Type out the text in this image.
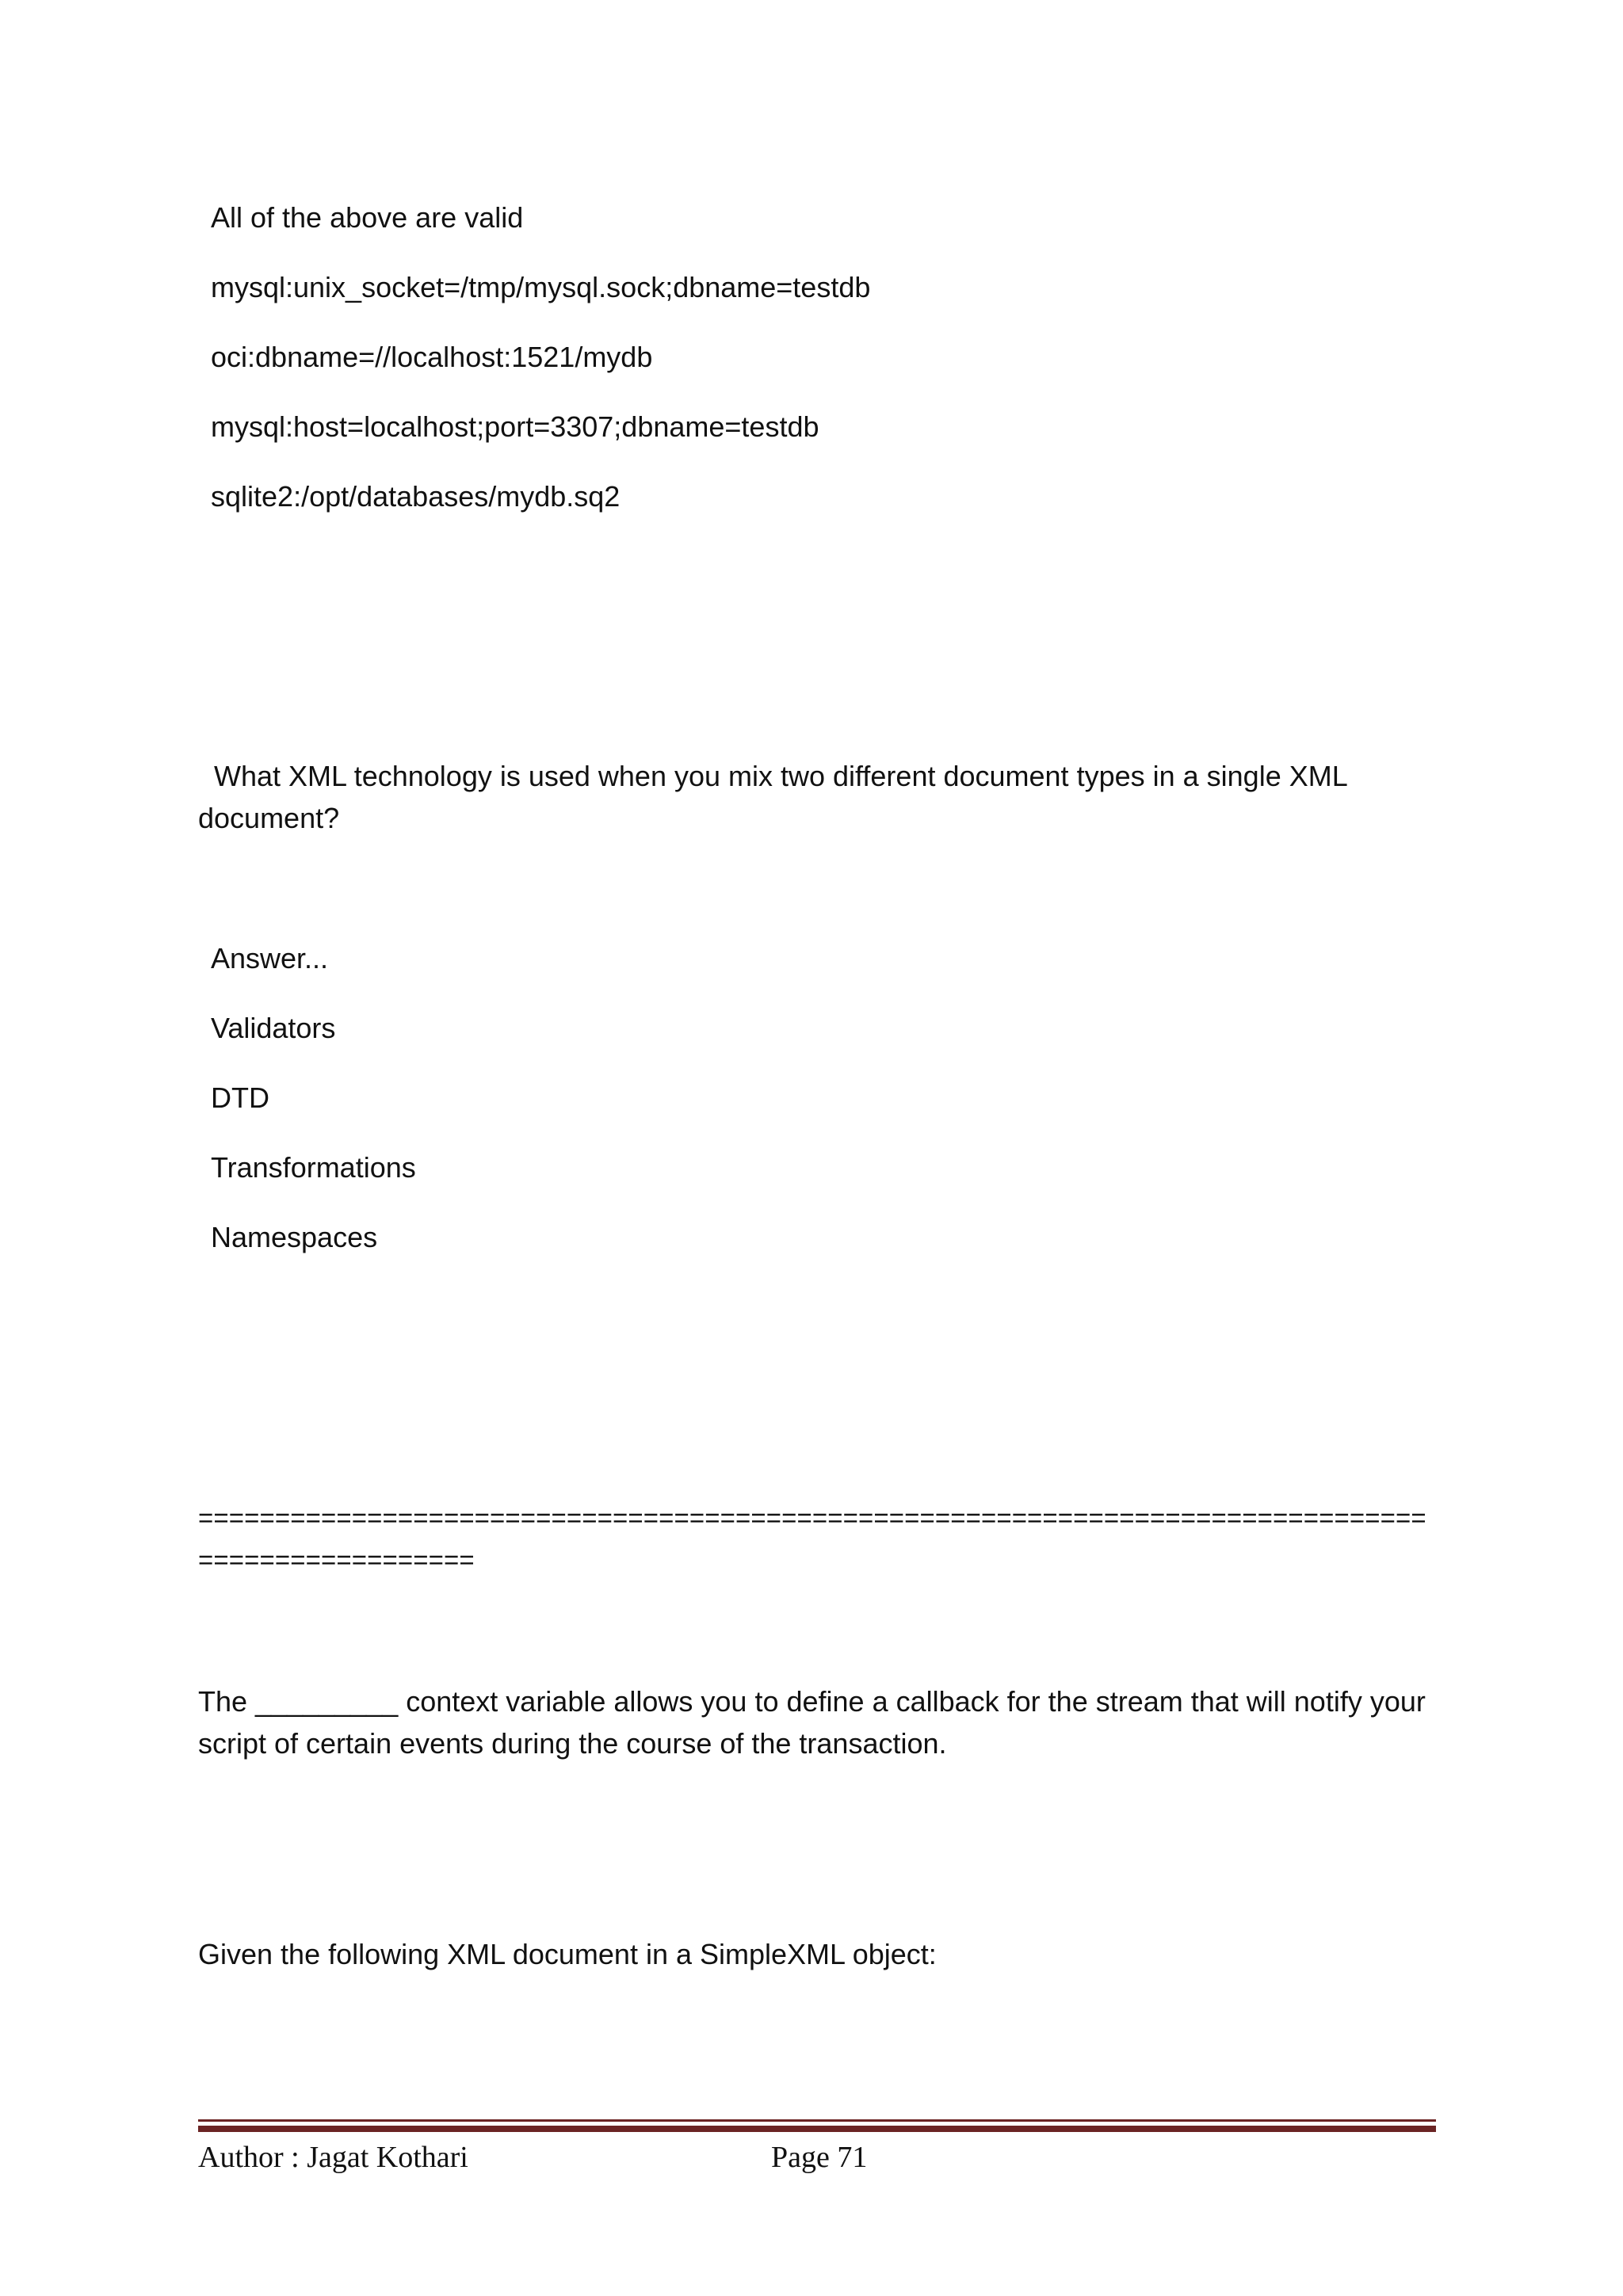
All of the above are valid
mysql:unix_socket=/tmp/mysql.sock;dbname=testdb
oci:dbname=//localhost:1521/mydb
mysql:host=localhost;port=3307;dbname=testdb
sqlite2:/opt/databases/mydb.sq2
What XML technology is used when you mix two different document types in a single XML
document?
Answer...
Validators
DTD
Transformations
Namespaces
================================================================================
==================
The _________ context variable allows you to define a callback for the stream that will notify your
script of certain events during the course of the transaction.
Given the following XML document in a SimpleXML object:
Author : Jagat Kothari	Page 71
